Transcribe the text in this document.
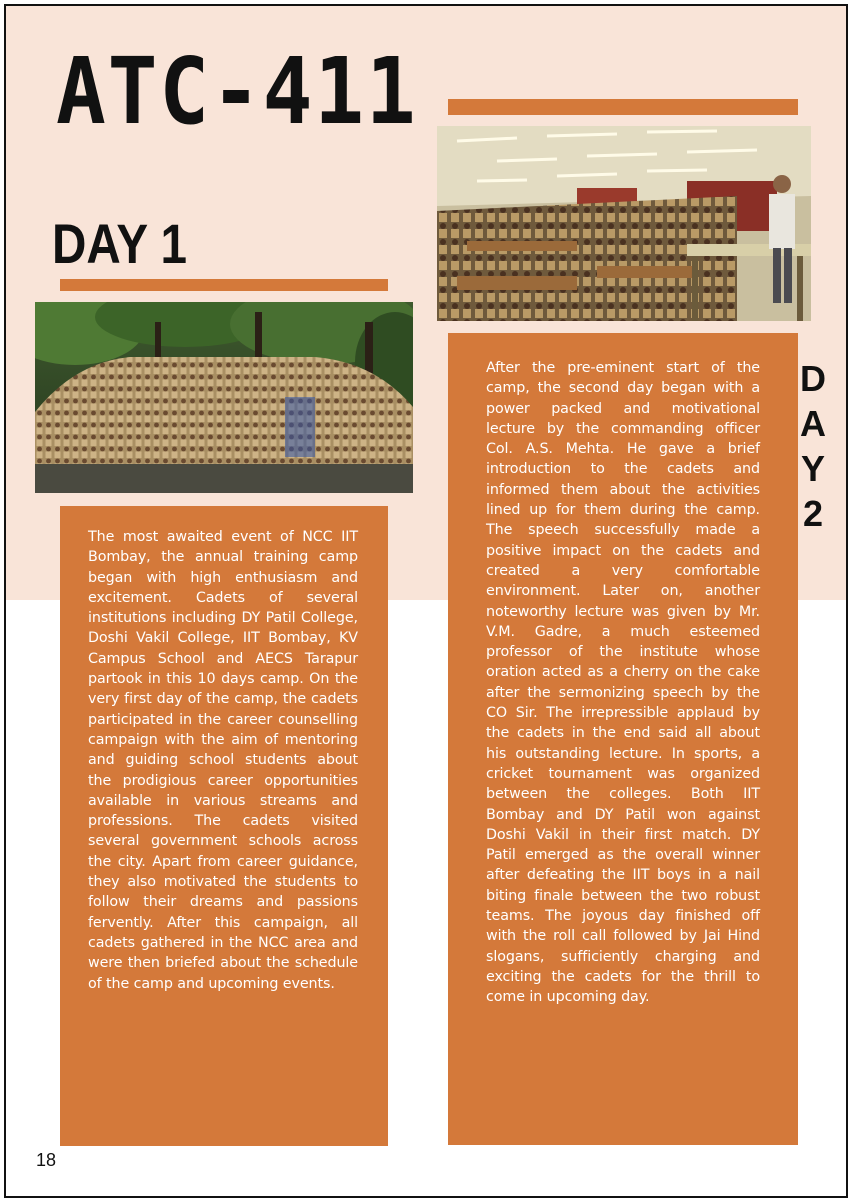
ATC-411
DAY 1

The most awaited event of NCC IIT Bombay, the annual training camp began with high enthusiasm and excitement. Cadets of several institutions including DY Patil College, Doshi Vakil College, IIT Bombay, KV Campus School and AECS Tarapur partook in this 10 days camp. On the very first day of the camp, the cadets participated in the career counselling campaign with the aim of mentoring and guiding school students about the prodigious career opportunities available in various streams and professions. The cadets visited several government schools across the city. Apart from career guidance, they also motivated the students to follow their dreams and passions fervently. After this campaign, all cadets gathered in the NCC area and were then briefed about the schedule of the camp and upcoming events.

After the pre-eminent start of the camp, the second day began with a power packed and motivational lecture by the commanding officer Col. A.S. Mehta. He gave a brief introduction to the cadets and informed them about the activities lined up for them during the camp. The speech successfully made a positive impact on the cadets and created a very comfortable environment. Later on, another noteworthy lecture was given by Mr. V.M. Gadre, a much esteemed professor of the institute whose oration acted as a cherry on the cake after the sermonizing speech by the CO Sir. The irrepressible applaud by the cadets in the end said all about his outstanding lecture. In sports, a cricket tournament was organized between the colleges. Both IIT Bombay and DY Patil won against Doshi Vakil in their first match. DY Patil emerged as the overall winner after defeating the IIT boys in a nail biting finale between the two robust teams. The joyous day finished off with the roll call followed by Jai Hind slogans, sufficiently charging and exciting the cadets for the thrill to come in upcoming day.

D
A
Y
2
18
